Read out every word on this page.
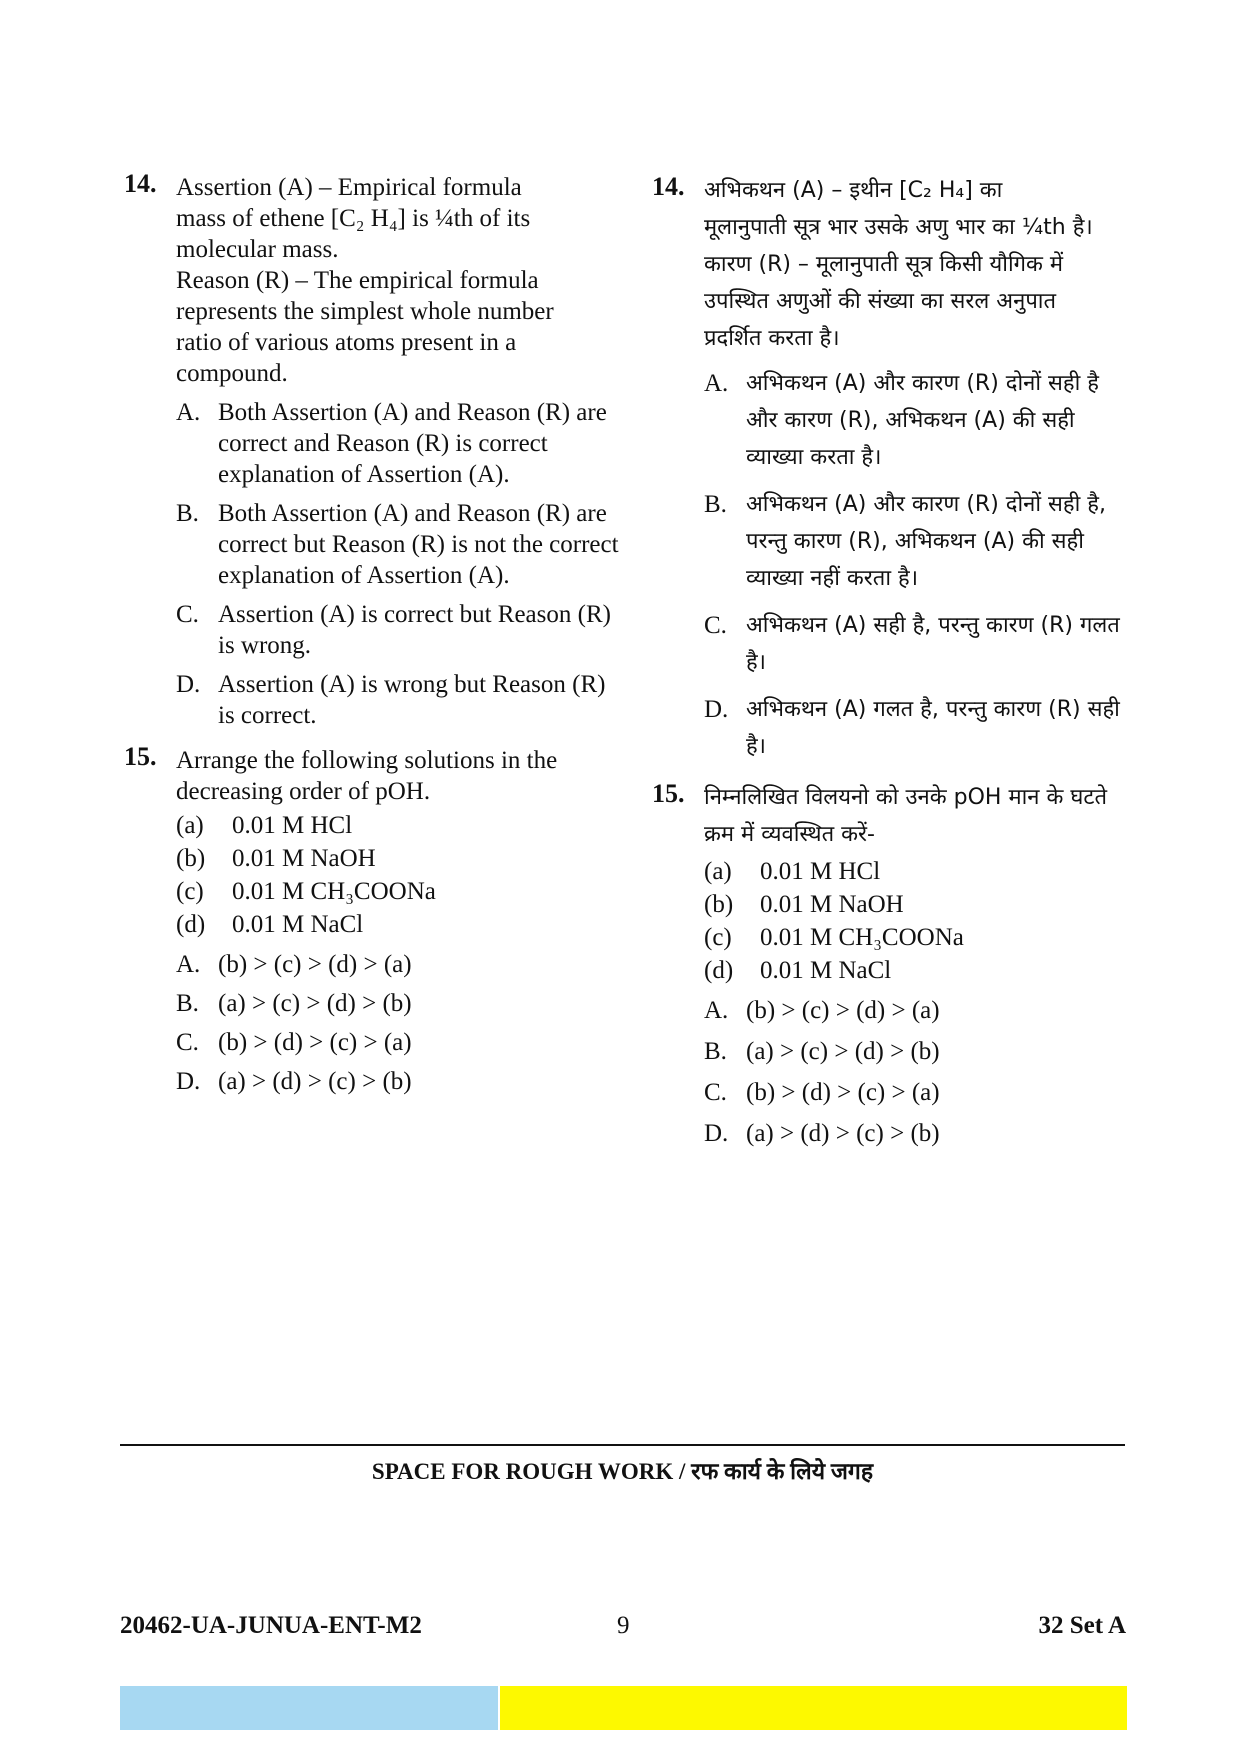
14. Assertion (A) – Empirical formula

mass of ethene [C₂ H₄] is ¼th of its

molecular mass.

Reason (R) – The empirical formula

represents the simplest whole number

ratio of various atoms present in a

compound.

A. Both Assertion (A) and Reason (R) are correct and Reason (R) is correct explanation of Assertion (A).
B. Both Assertion (A) and Reason (R) are correct but Reason (R) is not the correct explanation of Assertion (A).
C. Assertion (A) is correct but Reason (R) is wrong.
D. Assertion (A) is wrong but Reason (R) is correct.
15. Arrange the following solutions in the decreasing order of pOH.
(a) 0.01 M HCl
(b) 0.01 M NaOH
(c) 0.01 M CH₃COONa
(d) 0.01 M NaCl
A. (b) > (c) > (d) > (a)
B. (a) > (c) > (d) > (b)
C. (b) > (d) > (c) > (a)
D. (a) > (d) > (c) > (b)
14. अभिकथन (A) – इथीन [C₂ H₄] का

मूलानुपाती सूत्र भार उसके अणु भार का ¼th है।

कारण (R) – मूलानुपाती सूत्र किसी यौगिक में

उपस्थित अणुओं की संख्या का सरल अनुपात

प्रदर्शित करता है।

A. अभिकथन (A) और कारण (R) दोनों सही है और कारण (R), अभिकथन (A) की सही व्याख्या करता है।
B. अभिकथन (A) और कारण (R) दोनों सही है, परन्तु कारण (R), अभिकथन (A) की सही व्याख्या नहीं करता है।
C. अभिकथन (A) सही है, परन्तु कारण (R) गलत है।
D. अभिकथन (A) गलत है, परन्तु कारण (R) सही है।
15. निम्नलिखित विलयनो को उनके pOH मान के घटते क्रम में व्यवस्थित करें-
(a) 0.01 M HCl
(b) 0.01 M NaOH
(c) 0.01 M CH₃COONa
(d) 0.01 M NaCl
A. (b) > (c) > (d) > (a)
B. (a) > (c) > (d) > (b)
C. (b) > (d) > (c) > (a)
D. (a) > (d) > (c) > (b)
SPACE FOR ROUGH WORK / रफ कार्य के लिये जगह
20462-UA-JUNUA-ENT-M2	9	32 Set A
